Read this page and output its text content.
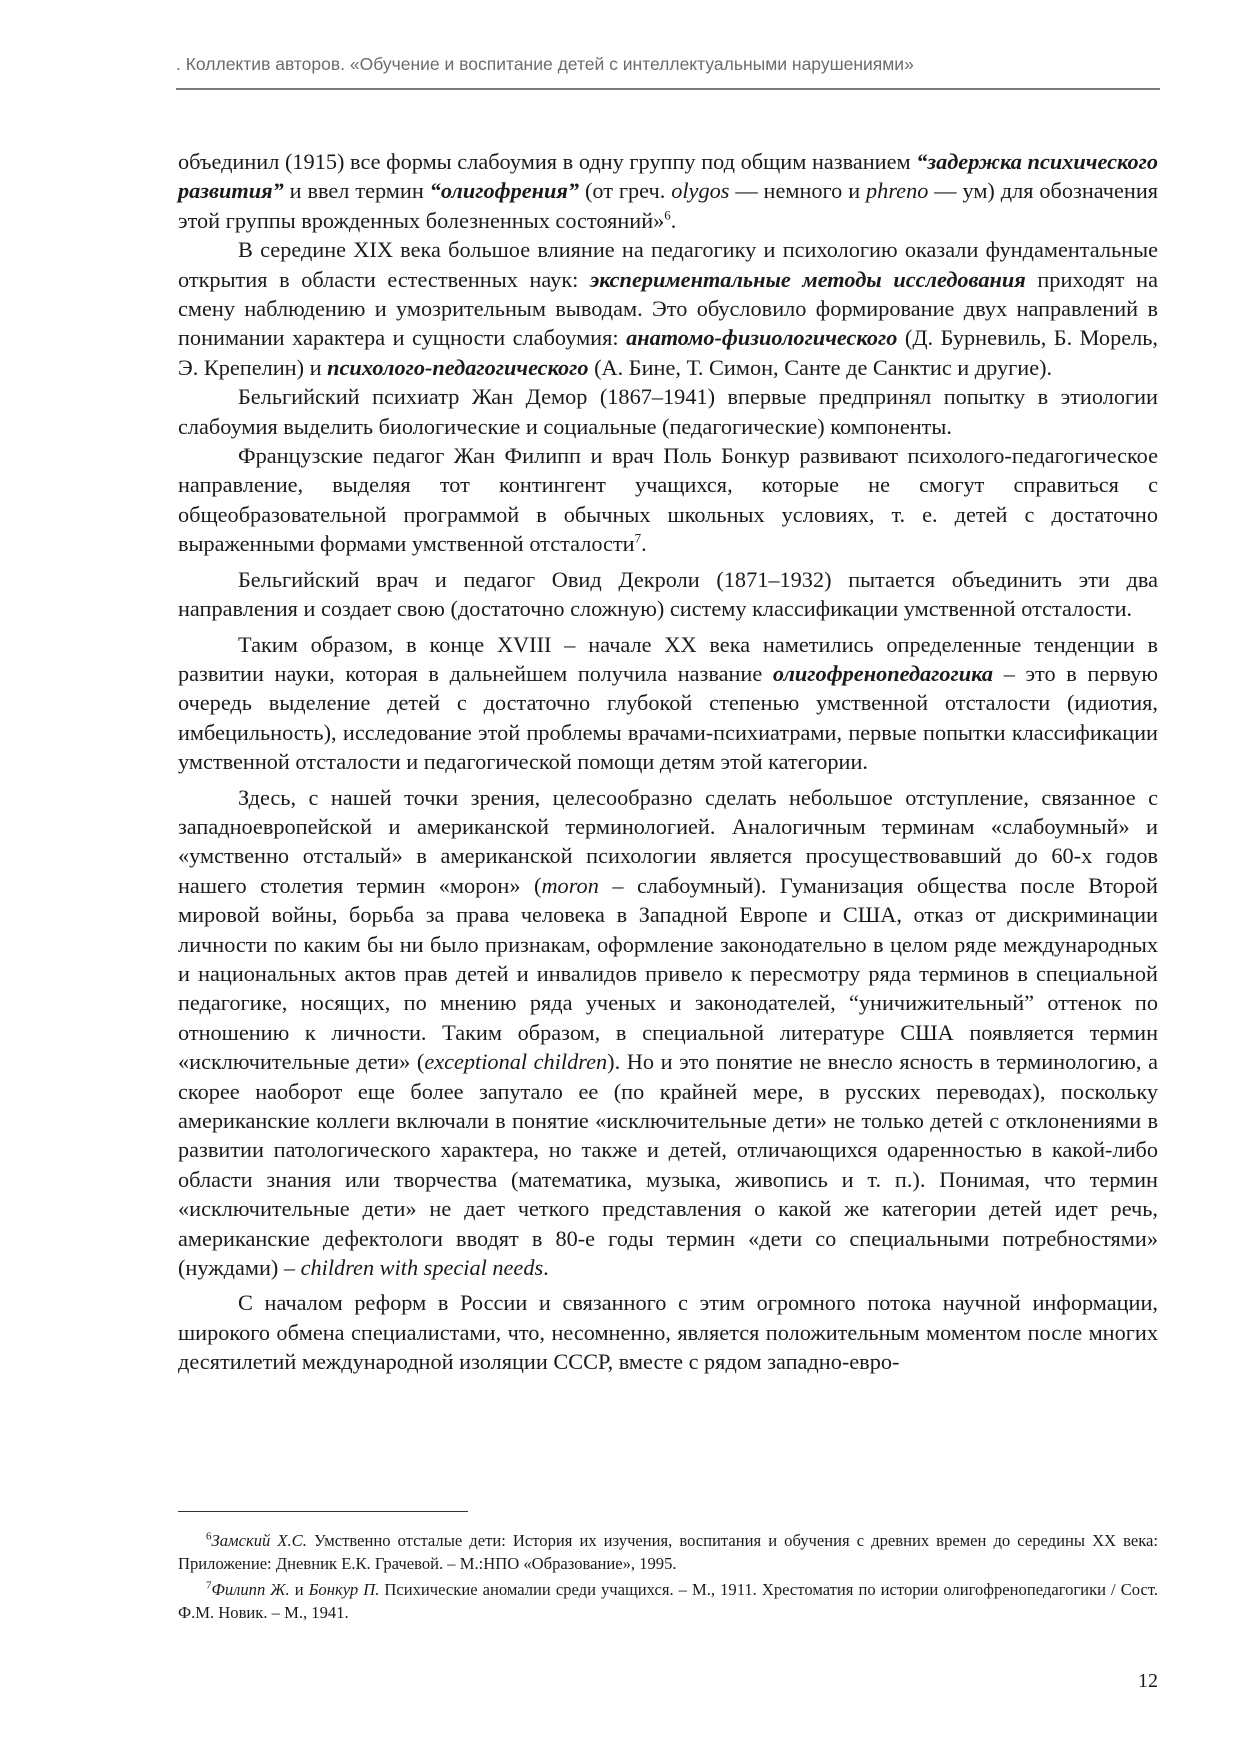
. Коллектив авторов. «Обучение и воспитание детей с интеллектуальными нарушениями»

объединил (1915) все формы слабоумия в одну группу под общим названием “задержка психического развития” и ввел термин “олигофрения” (от греч. olygos — немного и phreno — ум) для обозначения этой группы врожденных болезненных состояний»$^6$.

В середине XIX века большое влияние на педагогику и психологию оказали фундаментальные открытия в области естественных наук: экспериментальные методы исследования приходят на смену наблюдению и умозрительным выводам. Это обусловило формирование двух направлений в понимании характера и сущности слабоумия: анатомо-физиологического (Д. Бурневиль, Б. Морель, Э. Крепелин) и психолого-педагогического (А. Бине, Т. Симон, Санте де Санктис и другие).

Бельгийский психиатр Жан Демор (1867–1941) впервые предпринял попытку в этиологии слабоумия выделить биологические и социальные (педагогические) компоненты.

Французские педагог Жан Филипп и врач Поль Бонкур развивают психолого-педагогическое направление, выделяя тот контингент учащихся, которые не смогут справиться с общеобразовательной программой в обычных школьных условиях, т. е. детей с достаточно выраженными формами умственной отсталости$^7$.

Бельгийский врач и педагог Овид Декроли (1871–1932) пытается объединить эти два направления и создает свою (достаточно сложную) систему классификации умственной отсталости.

Таким образом, в конце XVIII – начале XX века наметились определенные тенденции в развитии науки, которая в дальнейшем получила название олигофренопедагогика – это в первую очередь выделение детей с достаточно глубокой степенью умственной отсталости (идиотия, имбецильность), исследование этой проблемы врачами-психиатрами, первые попытки классификации умственной отсталости и педагогической помощи детям этой категории.

Здесь, с нашей точки зрения, целесообразно сделать небольшое отступление, связанное с западноевропейской и американской терминологией. Аналогичным терминам «слабоумный» и «умственно отсталый» в американской психологии является просуществовавший до 60-х годов нашего столетия термин «морон» (moron – слабоумный). Гуманизация общества после Второй мировой войны, борьба за права человека в Западной Европе и США, отказ от дискриминации личности по каким бы ни было признакам, оформление законодательно в целом ряде международных и национальных актов прав детей и инвалидов привело к пересмотру ряда терминов в специальной педагогике, носящих, по мнению ряда ученых и законодателей, “уничижительный” оттенок по отношению к личности. Таким образом, в специальной литературе США появляется термин «исключительные дети» (exceptional children). Но и это понятие не внесло ясность в терминологию, а скорее наоборот еще более запутало ее (по крайней мере, в русских переводах), поскольку американские коллеги включали в понятие «исключительные дети» не только детей с отклонениями в развитии патологического характера, но также и детей, отличающихся одаренностью в какой-либо области знания или творчества (математика, музыка, живопись и т. п.). Понимая, что термин «исключительные дети» не дает четкого представления о какой же категории детей идет речь, американские дефектологи вводят в 80-е годы термин «дети со специальными потребностями» (нуждами) – children with special needs.

С началом реформ в России и связанного с этим огромного потока научной информации, широкого обмена специалистами, что, несомненно, является положительным моментом после многих десятилетий международной изоляции СССР, вместе с рядом западно-евро-

$^6$Замский Х.С. Умственно отсталые дети: История их изучения, воспитания и обучения с древних времен до середины XX века: Приложение: Дневник Е.К. Грачевой. – М.:НПО «Образование», 1995.

$^7$Филипп Ж. и Бонкур П. Психические аномалии среди учащихся. – М., 1911. Хрестоматия по истории олигофренопедагогики / Сост. Ф.М. Новик. – М., 1941.

12
